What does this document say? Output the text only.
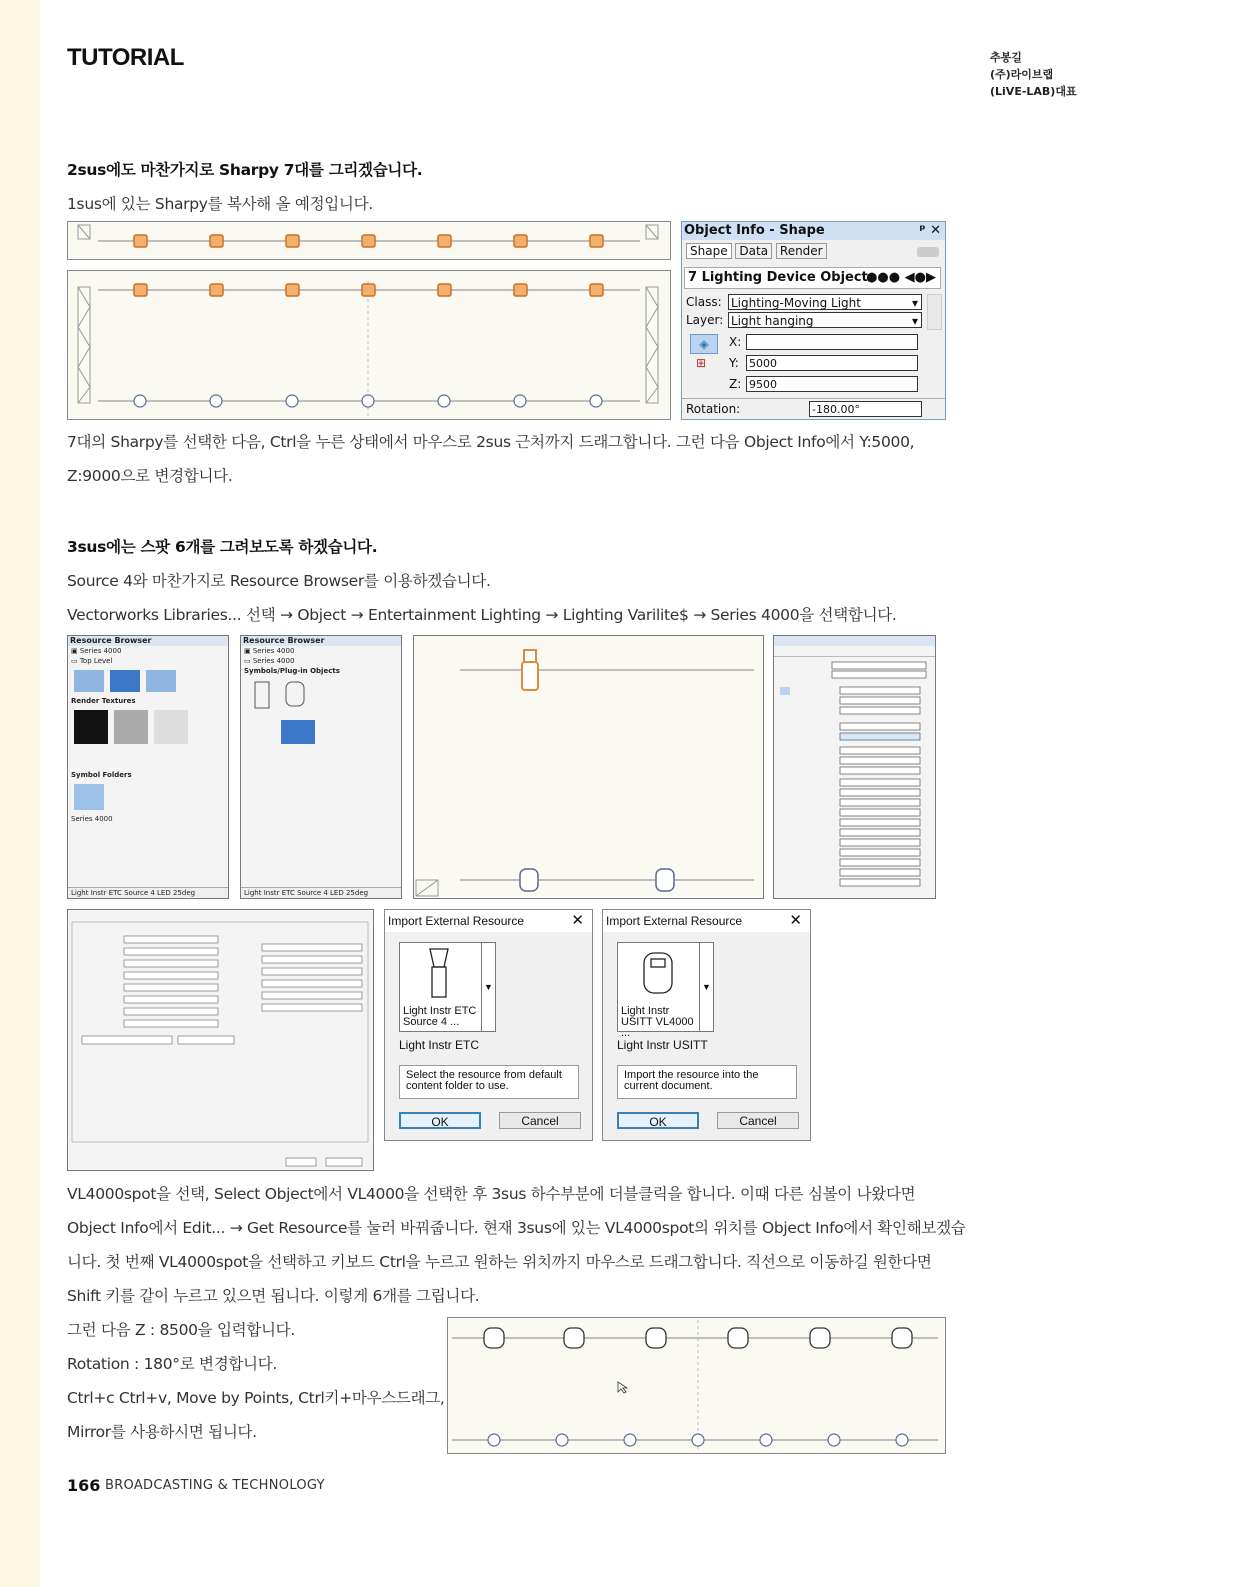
TUTORIAL	추봉길
(주)라이브랩
(LiVE-LAB)대표
2sus에도 마찬가지로 Sharpy 7대를 그리겠습니다.
1sus에 있는 Sharpy를 복사해 올 예정입니다.
Object Info - Shape	ᵖ ✕
Shape Data Render
7 Lighting Device Objects
●●● ◀●▶
Class: Lighting-Moving Light	▾
Layer: Light hanging	▾
◈
⊞
X:
Y: 5000
Z: 9500
Rotation:	-180.00°
7대의 Sharpy를 선택한 다음, Ctrl을 누른 상태에서 마우스로 2sus 근처까지 드래그합니다. 그런 다음 Object Info에서 Y:5000,
Z:9000으로 변경합니다.
3sus에는 스팟 6개를 그려보도록 하겠습니다.
Source 4와 마찬가지로 Resource Browser를 이용하겠습니다.
Vectorworks Libraries... 선택 → Object → Entertainment Lighting → Lighting Varilite$ → Series 4000을 선택합니다.
Resource Browser
▣ Series 4000
▭ Top Level
Render Textures
Symbol Folders
Series 4000
Light Instr ETC Source 4 LED 25deg
Resource Browser
▣ Series 4000
▭ Series 4000
Symbols/Plug-in Objects
Light Instr ETC Source 4 LED 25deg
Import External Resource	✕
Light Instr ETC Source 4 ...
▼
Light Instr ETC
Select the resource from default content folder to use.
OK	Cancel
Import External Resource	✕
Light Instr USITT VL4000 ...
▼
Light Instr USITT
Import the resource into the current document.
OK	Cancel
VL4000spot을 선택, Select Object에서 VL4000을 선택한 후 3sus 하수부분에 더블클릭을 합니다. 이때 다른 심볼이 나왔다면
Object Info에서 Edit... → Get Resource를 눌러 바꿔줍니다. 현재 3sus에 있는 VL4000spot의 위치를 Object Info에서 확인해보겠습
니다. 첫 번째 VL4000spot을 선택하고 키보드 Ctrl을 누르고 원하는 위치까지 마우스로 드래그합니다. 직선으로 이동하길 원한다면
Shift 키를 같이 누르고 있으면 됩니다. 이렇게 6개를 그립니다.
그런 다음 Z : 8500을 입력합니다.
Rotation : 180°로 변경합니다.
Ctrl+c Ctrl+v, Move by Points, Ctrl키+마우스드래그,
Mirror를 사용하시면 됩니다.
166 BROADCASTING & TECHNOLOGY
